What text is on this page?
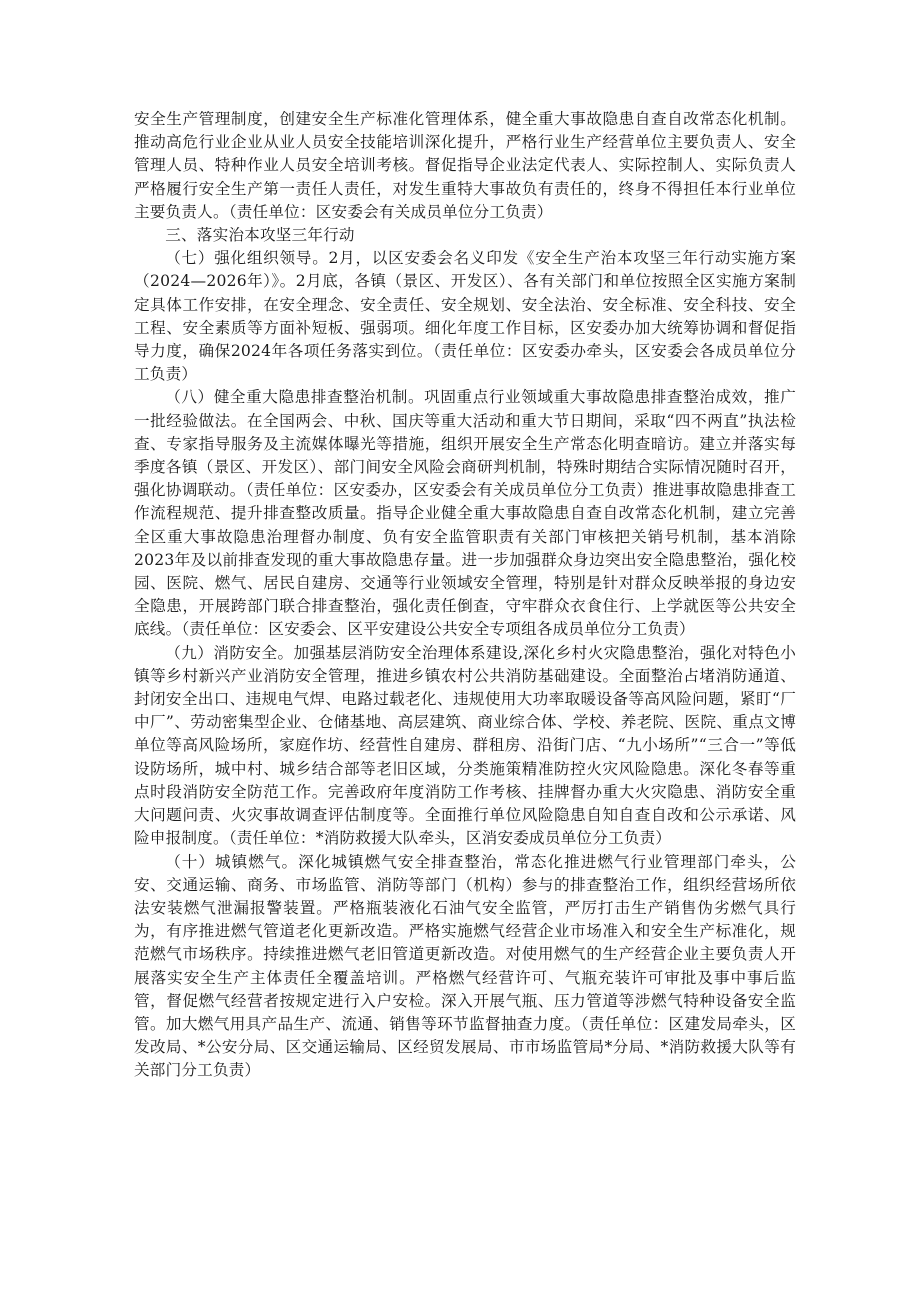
安全生产管理制度，创建安全生产标准化管理体系，健全重大事故隐患自查自改常态化机制。推动高危行业企业从业人员安全技能培训深化提升，严格行业生产经营单位主要负责人、安全管理人员、特种作业人员安全培训考核。督促指导企业法定代表人、实际控制人、实际负责人严格履行安全生产第一责任人责任，对发生重特大事故负有责任的，终身不得担任本行业单位主要负责人。（责任单位：区安委会有关成员单位分工负责）

三、落实治本攻坚三年行动

（七）强化组织领导。2月，以区安委会名义印发《安全生产治本攻坚三年行动实施方案（2024—2026年）》。2月底，各镇（景区、开发区）、各有关部门和单位按照全区实施方案制定具体工作安排，在安全理念、安全责任、安全规划、安全法治、安全标准、安全科技、安全工程、安全素质等方面补短板、强弱项。细化年度工作目标，区安委办加大统筹协调和督促指导力度，确保2024年各项任务落实到位。（责任单位：区安委办牵头，区安委会各成员单位分工负责）

（八）健全重大隐患排查整治机制。巩固重点行业领域重大事故隐患排查整治成效，推广一批经验做法。在全国两会、中秋、国庆等重大活动和重大节日期间，采取“四不两直”执法检查、专家指导服务及主流媒体曝光等措施，组织开展安全生产常态化明查暗访。建立并落实每季度各镇（景区、开发区）、部门间安全风险会商研判机制，特殊时期结合实际情况随时召开，强化协调联动。（责任单位：区安委办，区安委会有关成员单位分工负责）推进事故隐患排查工作流程规范、提升排查整改质量。指导企业健全重大事故隐患自查自改常态化机制，建立完善全区重大事故隐患治理督办制度、负有安全监管职责有关部门审核把关销号机制，基本消除2023年及以前排查发现的重大事故隐患存量。进一步加强群众身边突出安全隐患整治，强化校园、医院、燃气、居民自建房、交通等行业领域安全管理，特别是针对群众反映举报的身边安全隐患，开展跨部门联合排查整治，强化责任倒查，守牢群众衣食住行、上学就医等公共安全底线。（责任单位：区安委会、区平安建设公共安全专项组各成员单位分工负责）

（九）消防安全。加强基层消防安全治理体系建设,深化乡村火灾隐患整治，强化对特色小镇等乡村新兴产业消防安全管理，推进乡镇农村公共消防基础建设。全面整治占堵消防通道、封闭安全出口、违规电气焊、电路过载老化、违规使用大功率取暖设备等高风险问题，紧盯“厂中厂”、劳动密集型企业、仓储基地、高层建筑、商业综合体、学校、养老院、医院、重点文博单位等高风险场所，家庭作坊、经营性自建房、群租房、沿街门店、“九小场所”“三合一”等低设防场所，城中村、城乡结合部等老旧区域，分类施策精准防控火灾风险隐患。深化冬春等重点时段消防安全防范工作。完善政府年度消防工作考核、挂牌督办重大火灾隐患、消防安全重大问题问责、火灾事故调查评估制度等。全面推行单位风险隐患自知自查自改和公示承诺、风险申报制度。（责任单位：*消防救援大队牵头，区消安委成员单位分工负责）

（十）城镇燃气。深化城镇燃气安全排查整治，常态化推进燃气行业管理部门牵头，公安、交通运输、商务、市场监管、消防等部门（机构）参与的排查整治工作，组织经营场所依法安装燃气泄漏报警装置。严格瓶装液化石油气安全监管，严厉打击生产销售伪劣燃气具行为，有序推进燃气管道老化更新改造。严格实施燃气经营企业市场准入和安全生产标准化，规范燃气市场秩序。持续推进燃气老旧管道更新改造。对使用燃气的生产经营企业主要负责人开展落实安全生产主体责任全覆盖培训。严格燃气经营许可、气瓶充装许可审批及事中事后监管，督促燃气经营者按规定进行入户安检。深入开展气瓶、压力管道等涉燃气特种设备安全监管。加大燃气用具产品生产、流通、销售等环节监督抽查力度。（责任单位：区建发局牵头，区发改局、*公安分局、区交通运输局、区经贸发展局、市市场监管局*分局、*消防救援大队等有关部门分工负责）
